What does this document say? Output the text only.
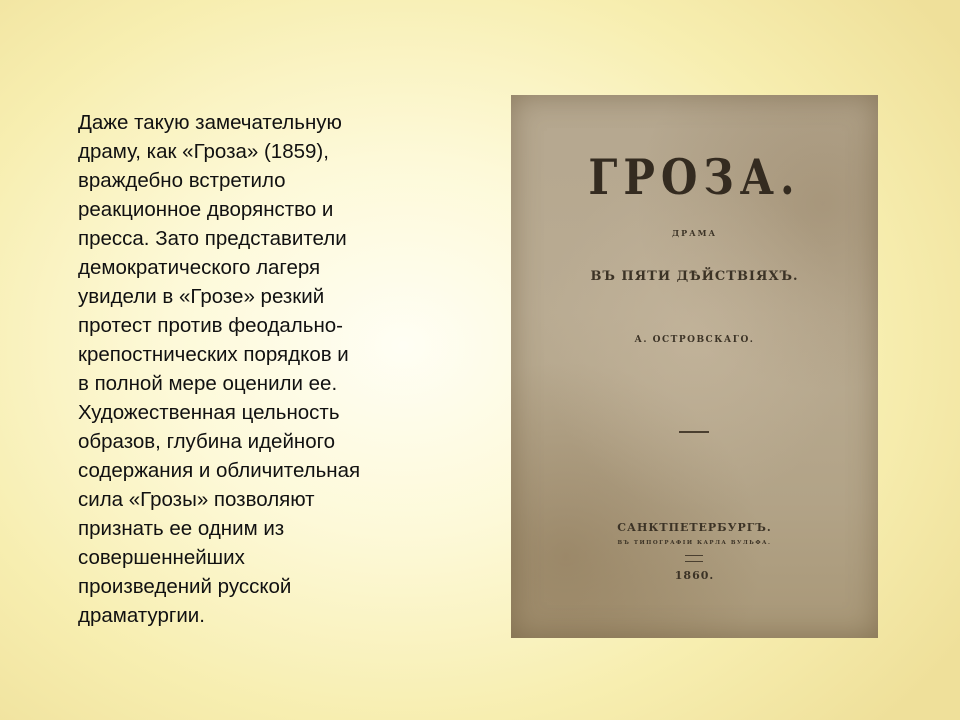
Даже такую замечательную
драму, как «Гроза» (1859),
враждебно встретило
реакционное дворянство и
пресса. Зато представители
демократического лагеря
увидели в «Грозе» резкий
протест против феодально-
крепостнических порядков и
в полной мере оценили ее.
Художественная цельность
образов, глубина идейного
содержания и обличительная
сила «Грозы» позволяют
признать ее одним из
совершеннейших
произведений русской
драматургии.
ГРОЗА.
ДРАМА
ВЪ ПЯТИ ДѢЙСТВІЯХЪ.
А. ОСТРОВСКАГО.
САНКТПЕТЕРБУРГЪ.
ВЪ ТИПОГРАФІИ КАРЛА ВУЛЬФА.
1860.
